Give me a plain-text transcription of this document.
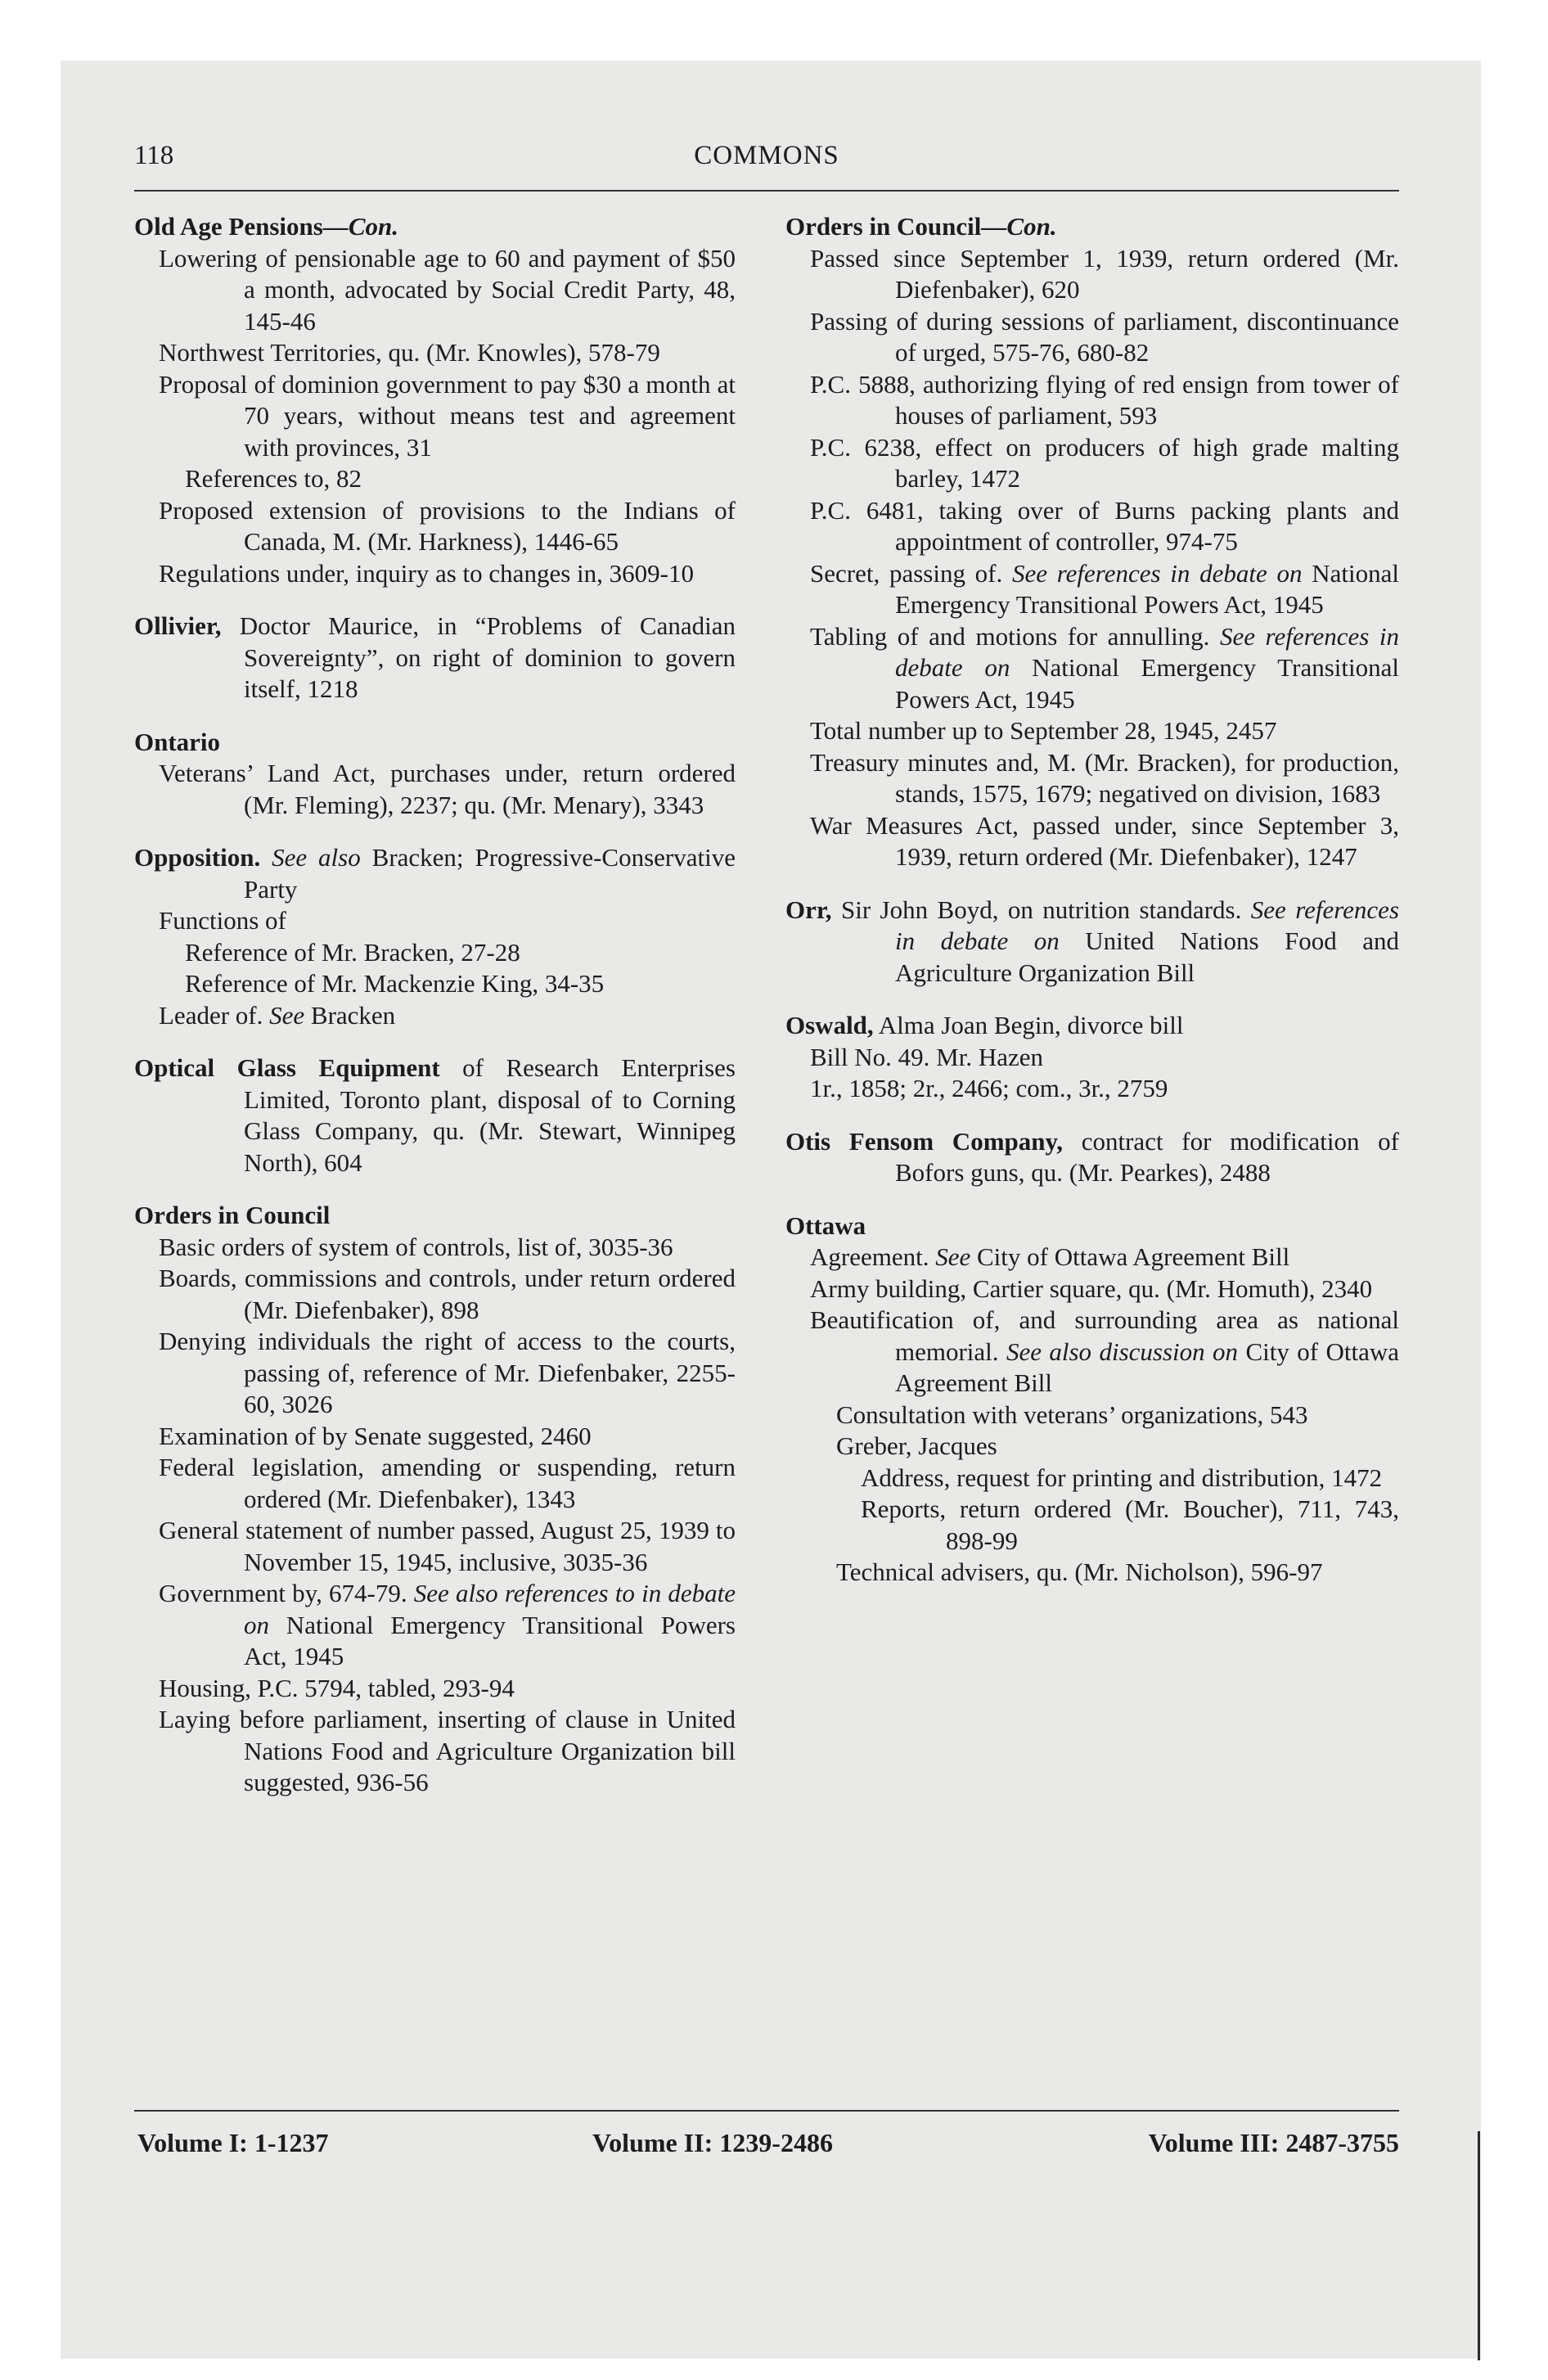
118	COMMONS
Old Age Pensions—Con.
Lowering of pensionable age to 60 and payment of $50 a month, advocated by Social Credit Party, 48, 145-46
Northwest Territories, qu. (Mr. Knowles), 578-79
Proposal of dominion government to pay $30 a month at 70 years, without means test and agreement with provinces, 31
References to, 82
Proposed extension of provisions to the Indians of Canada, M. (Mr. Harkness), 1446-65
Regulations under, inquiry as to changes in, 3609-10
Ollivier, Doctor Maurice, in “Problems of Canadian Sovereignty”, on right of dominion to govern itself, 1218
Ontario
Veterans’ Land Act, purchases under, return ordered (Mr. Fleming), 2237; qu. (Mr. Menary), 3343
Opposition. See also Bracken; Progressive-Conservative Party
Functions of
Reference of Mr. Bracken, 27-28
Reference of Mr. Mackenzie King, 34-35
Leader of. See Bracken
Optical Glass Equipment of Research Enterprises Limited, Toronto plant, disposal of to Corning Glass Company, qu. (Mr. Stewart, Winnipeg North), 604
Orders in Council
Basic orders of system of controls, list of, 3035-36
Boards, commissions and controls, under return ordered (Mr. Diefenbaker), 898
Denying individuals the right of access to the courts, passing of, reference of Mr. Diefenbaker, 2255-60, 3026
Examination of by Senate suggested, 2460
Federal legislation, amending or suspending, return ordered (Mr. Diefenbaker), 1343
General statement of number passed, August 25, 1939 to November 15, 1945, inclusive, 3035-36
Government by, 674-79. See also references to in debate on National Emergency Transitional Powers Act, 1945
Housing, P.C. 5794, tabled, 293-94
Laying before parliament, inserting of clause in United Nations Food and Agriculture Organization bill suggested, 936-56
Orders in Council—Con.
Passed since September 1, 1939, return ordered (Mr. Diefenbaker), 620
Passing of during sessions of parliament, discontinuance of urged, 575-76, 680-82
P.C. 5888, authorizing flying of red ensign from tower of houses of parliament, 593
P.C. 6238, effect on producers of high grade malting barley, 1472
P.C. 6481, taking over of Burns packing plants and appointment of controller, 974-75
Secret, passing of. See references in debate on National Emergency Transitional Powers Act, 1945
Tabling of and motions for annulling. See references in debate on National Emergency Transitional Powers Act, 1945
Total number up to September 28, 1945, 2457
Treasury minutes and, M. (Mr. Bracken), for production, stands, 1575, 1679; negatived on division, 1683
War Measures Act, passed under, since September 3, 1939, return ordered (Mr. Diefenbaker), 1247
Orr, Sir John Boyd, on nutrition standards. See references in debate on United Nations Food and Agriculture Organization Bill
Oswald, Alma Joan Begin, divorce bill
Bill No. 49. Mr. Hazen
1r., 1858; 2r., 2466; com., 3r., 2759
Otis Fensom Company, contract for modification of Bofors guns, qu. (Mr. Pearkes), 2488
Ottawa
Agreement. See City of Ottawa Agreement Bill
Army building, Cartier square, qu. (Mr. Homuth), 2340
Beautification of, and surrounding area as national memorial. See also discussion on City of Ottawa Agreement Bill
Consultation with veterans’ organizations, 543
Greber, Jacques
Address, request for printing and distribution, 1472
Reports, return ordered (Mr. Boucher), 711, 743, 898-99
Technical advisers, qu. (Mr. Nicholson), 596-97
Volume I: 1-1237	Volume II: 1239-2486	Volume III: 2487-3755
